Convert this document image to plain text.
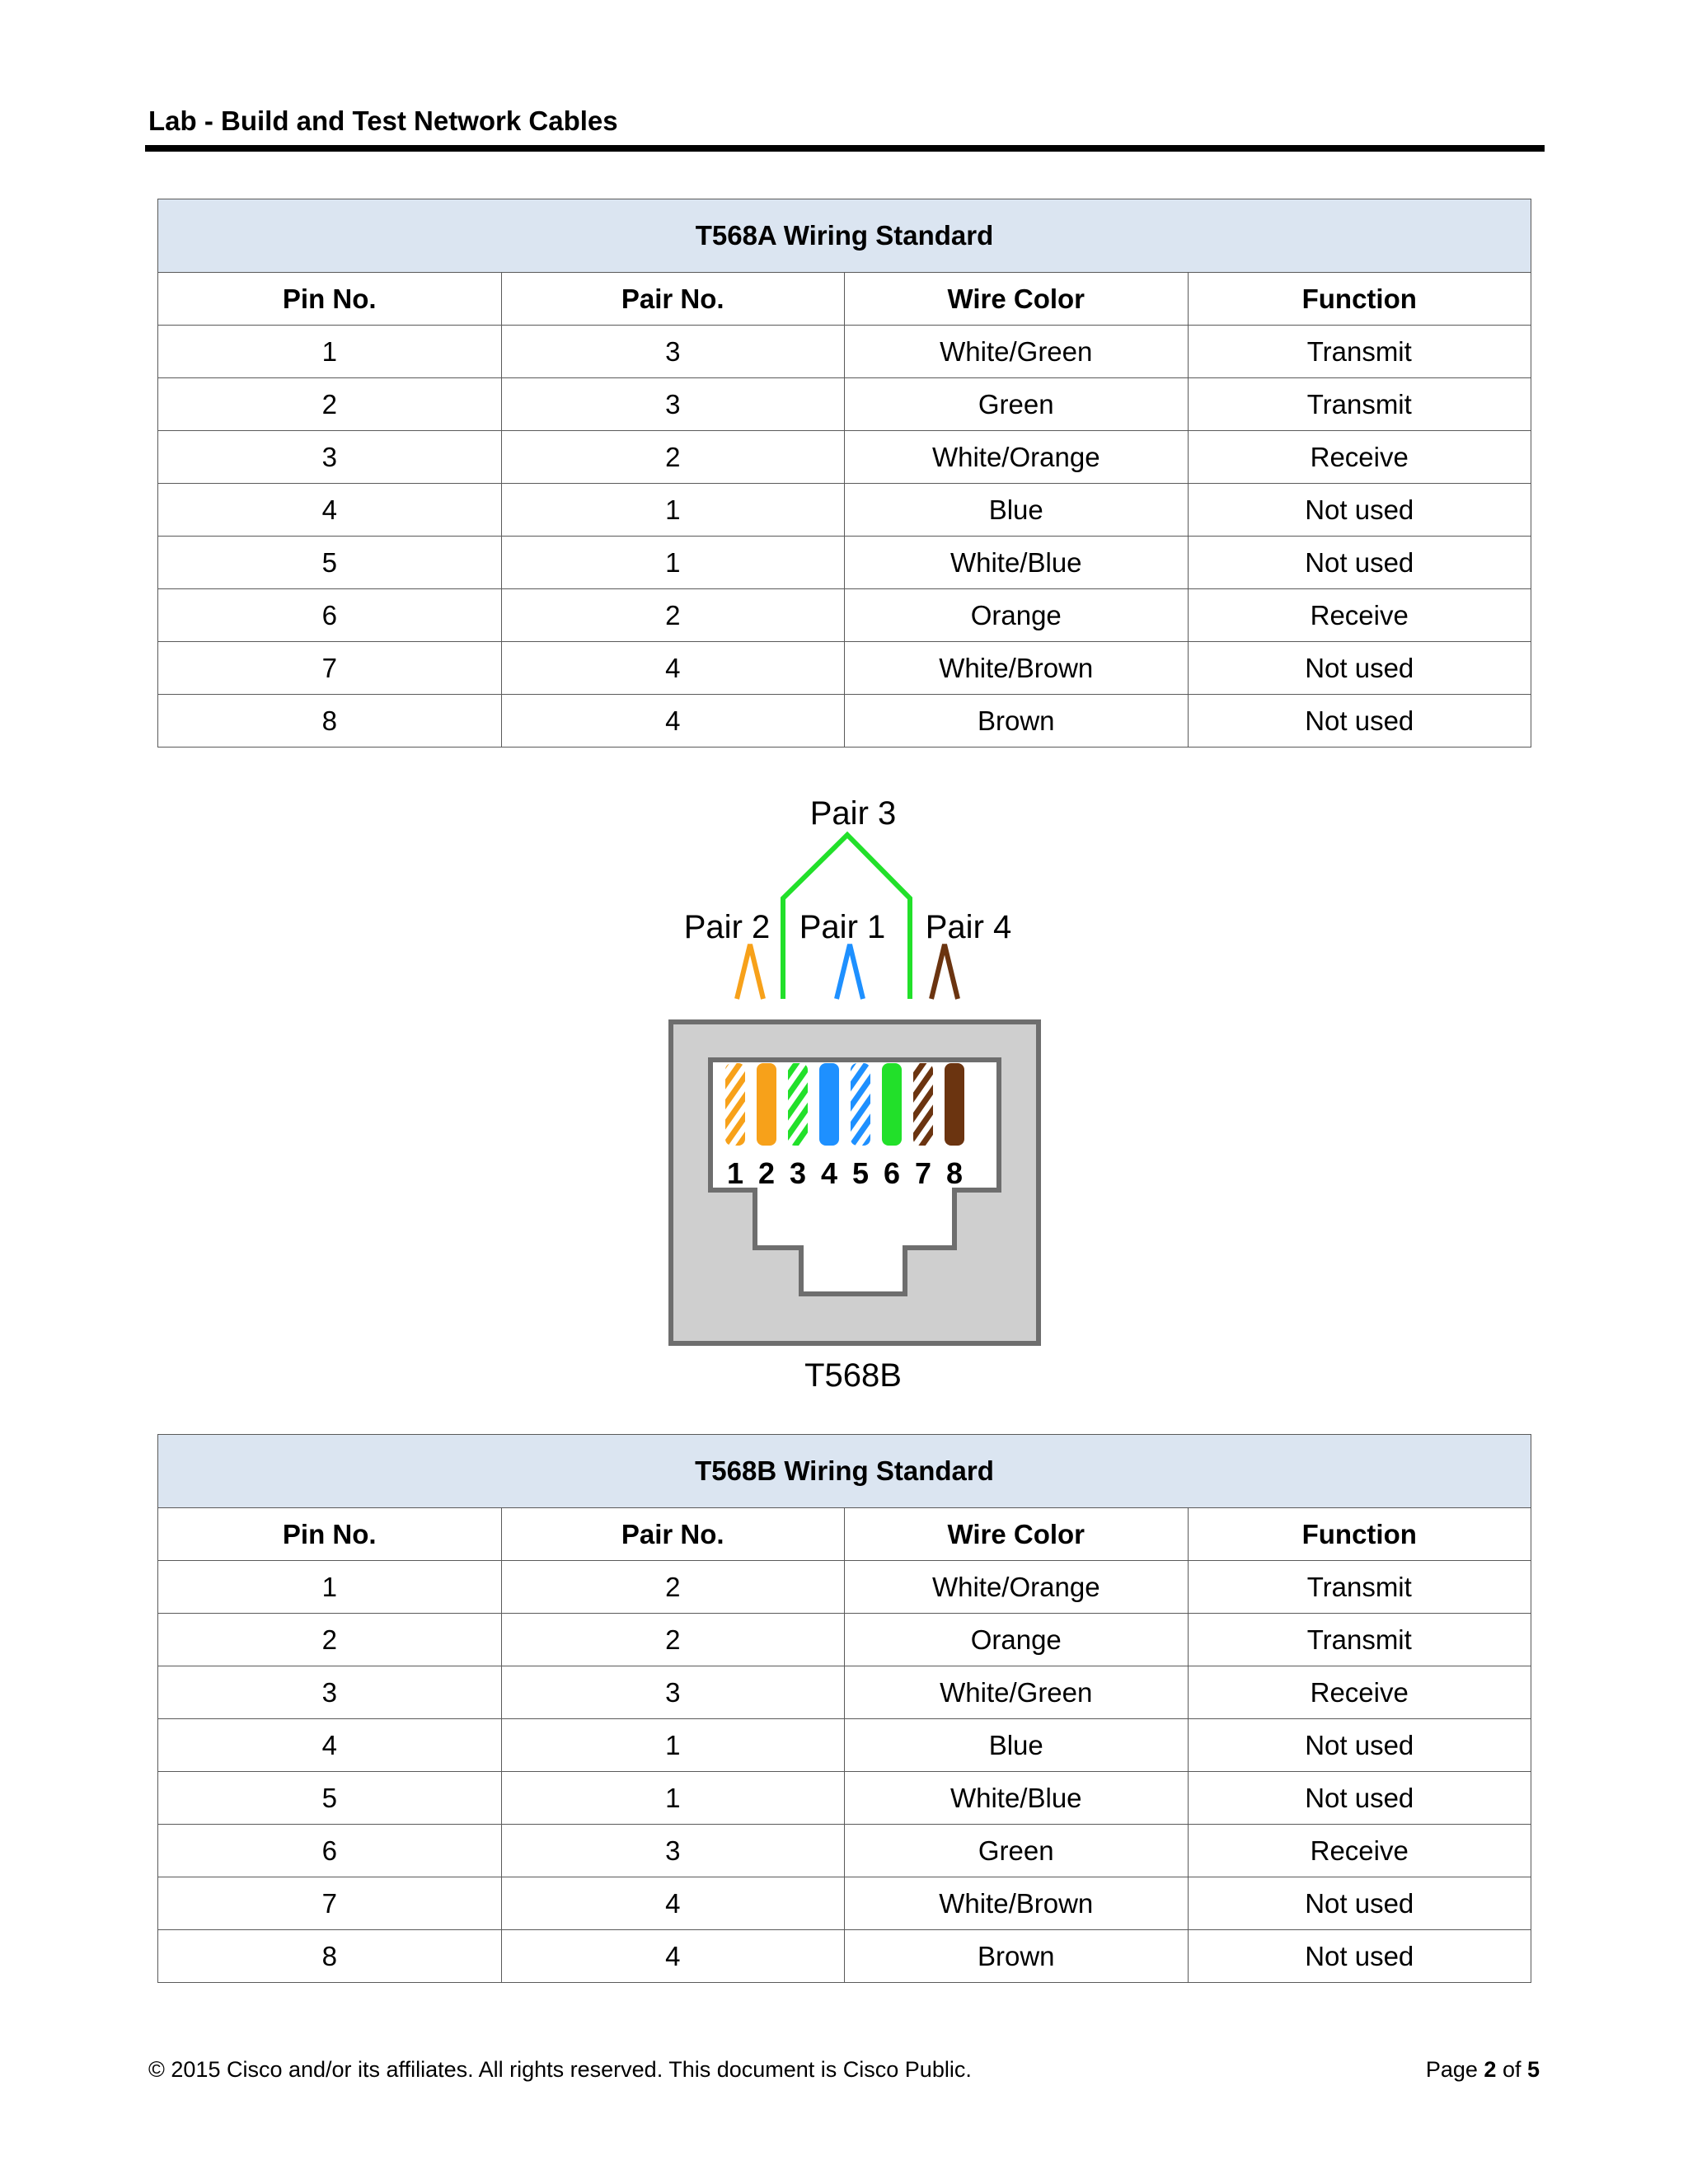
Lab - Build and Test Network Cables
T568A Wiring Standard			
Pin No.	Pair No.	Wire Color	Function
1	3	White/Green	Transmit
2	3	Green	Transmit
3	2	White/Orange	Receive
4	1	Blue	Not used
5	1	White/Blue	Not used
6	2	Orange	Receive
7	4	White/Brown	Not used
8	4	Brown	Not used
Pair 3
Pair 2 Pair 1 Pair 4
1 2 3 4 5 6 7 8
T568B
T568B Wiring Standard			
Pin No.	Pair No.	Wire Color	Function
1	2	White/Orange	Transmit
2	2	Orange	Transmit
3	3	White/Green	Receive
4	1	Blue	Not used
5	1	White/Blue	Not used
6	3	Green	Receive
7	4	White/Brown	Not used
8	4	Brown	Not used
© 2015 Cisco and/or its affiliates. All rights reserved. This document is Cisco Public.	Page 2 of 5
